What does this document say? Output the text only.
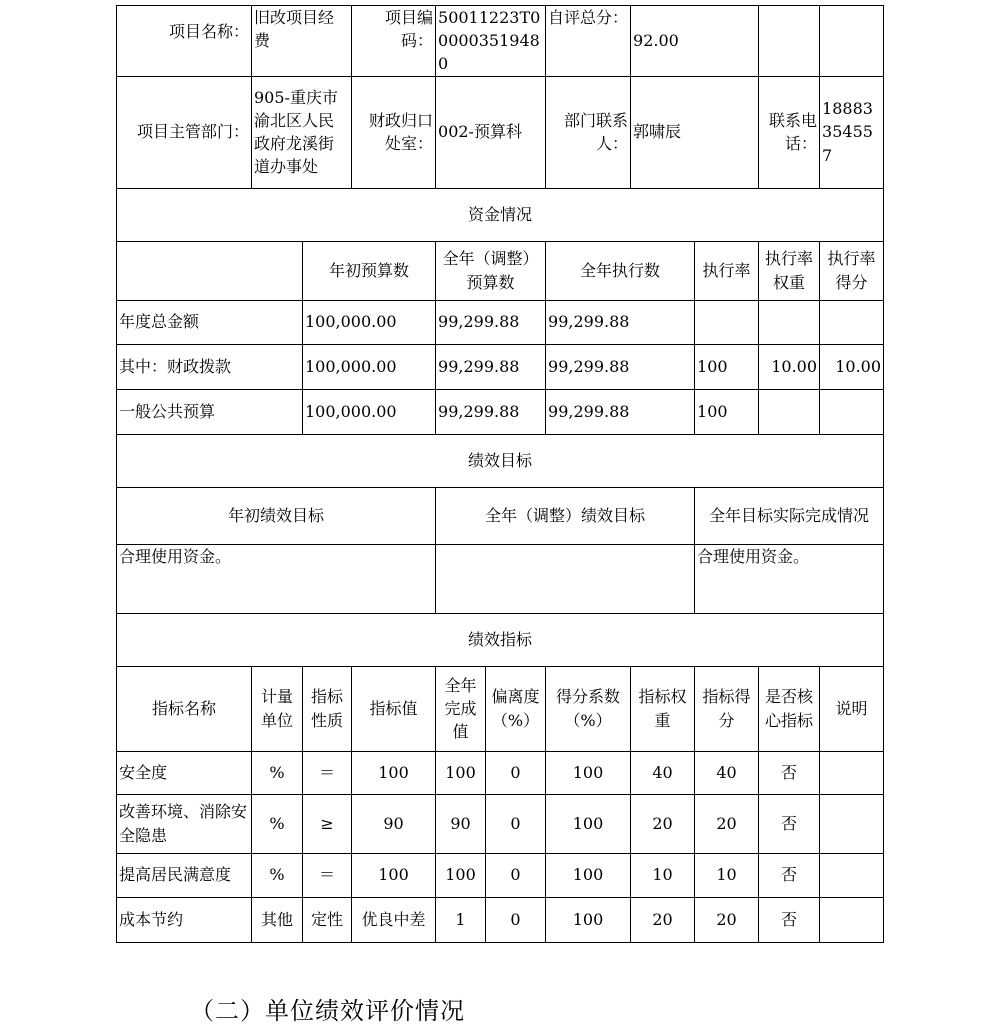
项目名称：	旧改项目经费		项目编码：	50011223T000003519480		自评总分：	92.00			
项目主管部门：	905-重庆市渝北区人民政府龙溪街道办事处		财政归口处室：	002-预算科		部门联系人：	郭啸辰		联系电话：	18883354557
资金情况										
		年初预算数		全年（调整）预算数		全年执行数		执行率	执行率权重	执行率得分
年度总金额		100,000.00		99,299.88		99,299.88				
其中：财政拨款		100,000.00		99,299.88		99,299.88		100	10.00	10.00
一般公共预算		100,000.00		99,299.88		99,299.88		100		
绩效目标										
年初绩效目标				全年（调整）绩效目标				全年目标实际完成情况		
合理使用资金。								合理使用资金。		
绩效指标										
指标名称	计量单位	指标性质	指标值	全年完成值	偏离度（%）	得分系数（%）	指标权重	指标得分	是否核心指标	说明
安全度	%	＝	100	100	0	100	40	40	否	
改善环境、消除安全隐患	%	≥	90	90	0	100	20	20	否	
提高居民满意度	%	＝	100	100	0	100	10	10	否	
成本节约	其他	定性	优良中差	1	0	100	20	20	否	
（二）单位绩效评价情况
